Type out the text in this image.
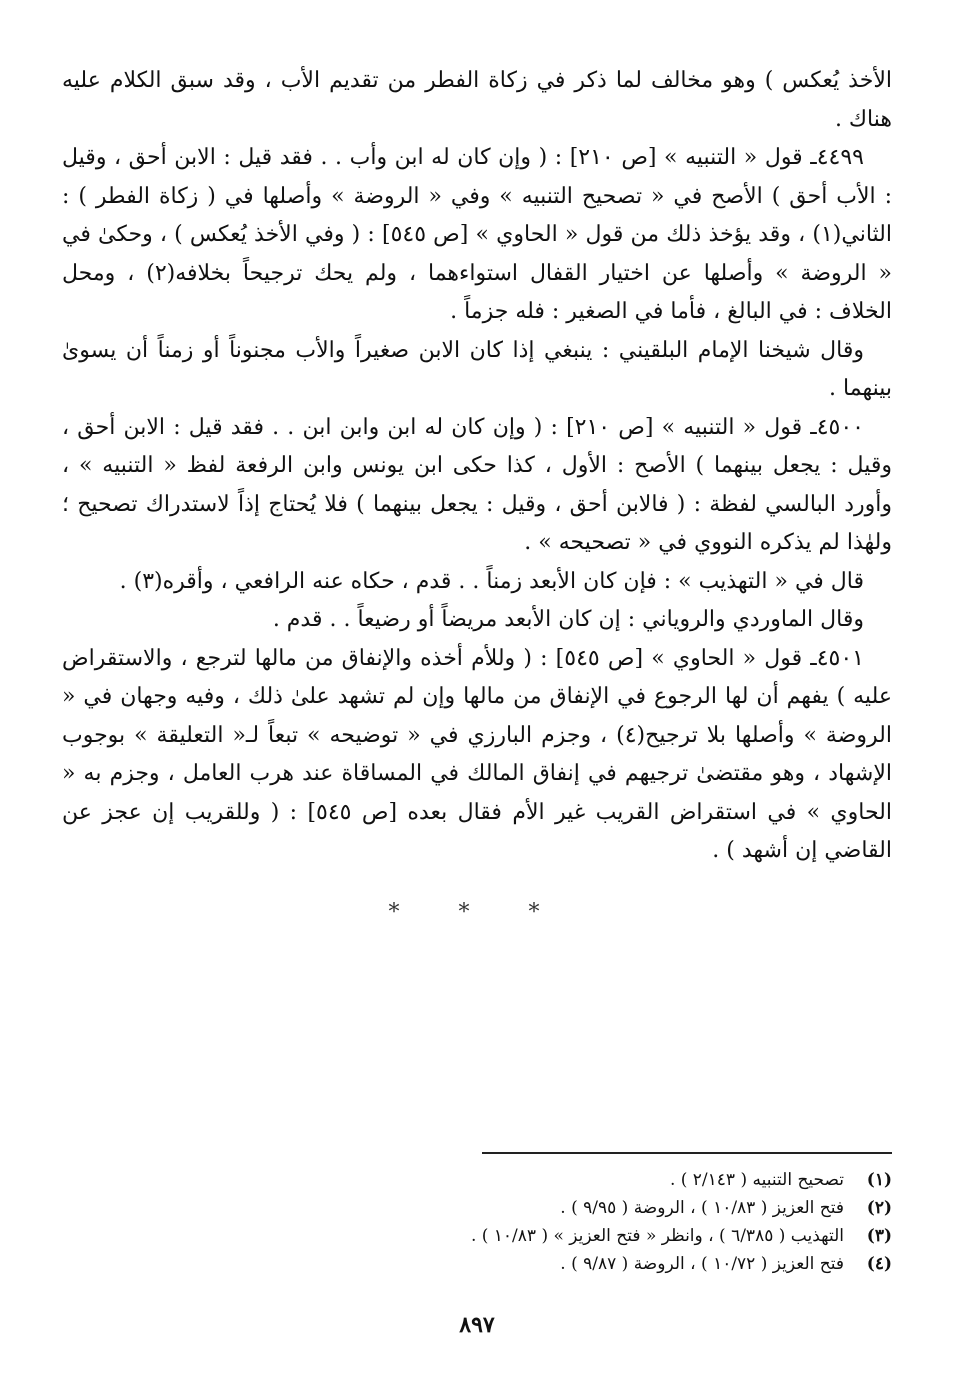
الأخذ يُعكس ) وهو مخالف لما ذكر في زكاة الفطر من تقديم الأب ، وقد سبق الكلام عليه هناك .

٤٤٩٩ـ قول « التنبيه » [ص ٢١٠] : ( وإن كان له ابن وأب . . فقد قيل : الابن أحق ، وقيل : الأب أحق ) الأصح في « تصحيح التنبيه » وفي « الروضة » وأصلها في ( زكاة الفطر ) : الثاني(١) ، وقد يؤخذ ذلك من قول « الحاوي » [ص ٥٤٥] : ( وفي الأخذ يُعكس ) ، وحكىٰ في « الروضة » وأصلها عن اختيار القفال استواءهما ، ولم يحك ترجيحاً بخلافه(٢) ، ومحل الخلاف : في البالغ ، فأما في الصغير : فله جزماً .

وقال شيخنا الإمام البلقيني : ينبغي إذا كان الابن صغيراً والأب مجنوناً أو زمناً أن يسوىٰ بينهما .

٤٥٠٠ـ قول « التنبيه » [ص ٢١٠] : ( وإن كان له ابن وابن ابن . . فقد قيل : الابن أحق ، وقيل : يجعل بينهما ) الأصح : الأول ، كذا حكى ابن يونس وابن الرفعة لفظ « التنبيه » ، وأورد البالسي لفظة : ( فالابن أحق ، وقيل : يجعل بينهما ) فلا يُحتاج إذاً لاستدراك تصحيح ؛ ولهٰذا لم يذكره النووي في « تصحيحه » .

قال في « التهذيب » : فإن كان الأبعد زمناً . . قدم ، حكاه عنه الرافعي ، وأقره(٣) .

وقال الماوردي والروياني : إن كان الأبعد مريضاً أو رضيعاً . . قدم .

٤٥٠١ـ قول « الحاوي » [ص ٥٤٥] : ( وللأم أخذه والإنفاق من مالها لترجع ، والاستقراض عليه ) يفهم أن لها الرجوع في الإنفاق من مالها وإن لم تشهد علىٰ ذلك ، وفيه وجهان في « الروضة » وأصلها بلا ترجيح(٤) ، وجزم البارزي في « توضيحه » تبعاً لـ« التعليقة » بوجوب الإشهاد ، وهو مقتضىٰ ترجيهم في إنفاق المالك في المساقاة عند هرب العامل ، وجزم به « الحاوي » في استقراض القريب غير الأم فقال بعده [ص ٥٤٥] : ( وللقريب إن عجز عن القاضي إن أشهد ) .

* * *
(١)
تصحيح التنبيه ( ٢/١٤٣ ) .
(٢)
فتح العزيز ( ١٠/٨٣ ) ، الروضة ( ٩/٩٥ ) .
(٣)
التهذيب ( ٦/٣٨٥ ) ، وانظر « فتح العزيز » ( ١٠/٨٣ ) .
(٤)
فتح العزيز ( ١٠/٧٢ ) ، الروضة ( ٩/٨٧ ) .
٨٩٧
